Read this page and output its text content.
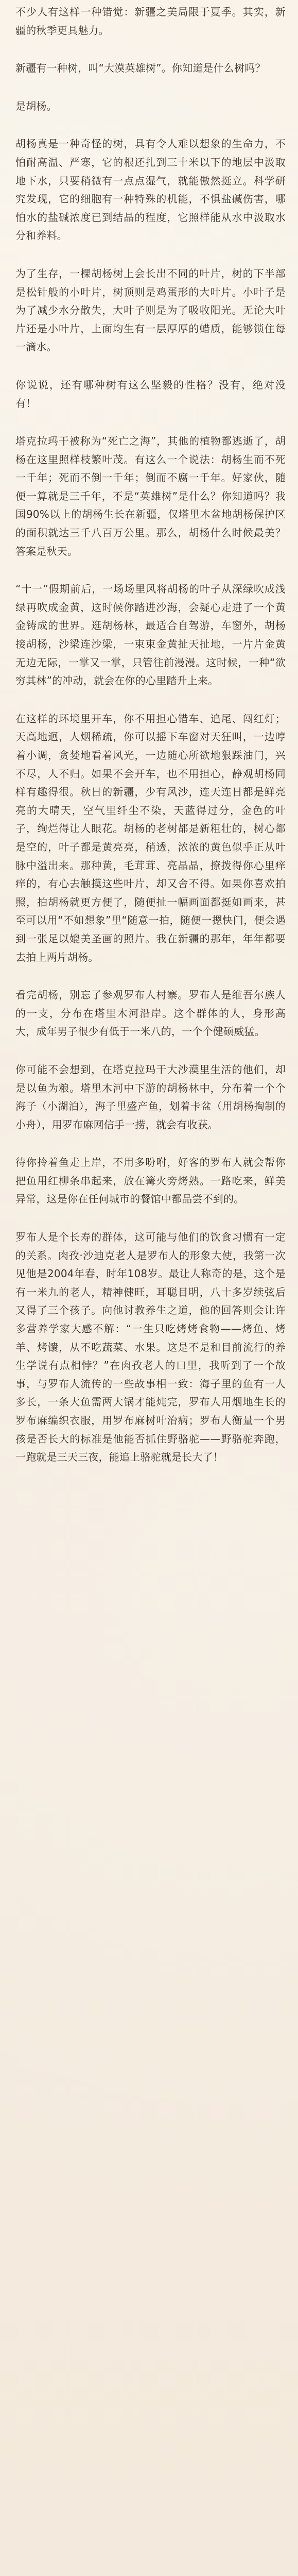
不少人有这样一种错觉：新疆之美局限于夏季。其实，新疆的秋季更具魅力。

新疆有一种树，叫“大漠英雄树”。你知道是什么树吗？

是胡杨。

胡杨真是一种奇怪的树，具有令人难以想象的生命力，不怕耐高温、严寒，它的根还扎到三十米以下的地层中汲取地下水，只要稍微有一点点湿气，就能傲然挺立。科学研究发现，它的细胞有一种特殊的机能，不惧盐碱伤害，哪怕水的盐碱浓度已到结晶的程度，它照样能从水中汲取水分和养料。

为了生存，一棵胡杨树上会长出不同的叶片，树的下半部是松针般的小叶片，树顶则是鸡蛋形的大叶片。小叶子是为了减少水分散失，大叶子则是为了吸收阳光。无论大叶片还是小叶片，上面均生有一层厚厚的蜡质，能够锁住每一滴水。

你说说，还有哪种树有这么坚毅的性格？没有，绝对没有！

塔克拉玛干被称为“死亡之海”，其他的植物都逃逝了，胡杨在这里照样枝繁叶茂。有这么一个说法：胡杨生而不死一千年；死而不倒一千年；倒而不腐一千年。好家伙，随便一算就是三千年，不是“英雄树”是什么？你知道吗？我国90%以上的胡杨生长在新疆，仅塔里木盆地胡杨保护区的面积就达三千八百万公里。那么，胡杨什么时候最美？答案是秋天。

“十一”假期前后，一场场里风将胡杨的叶子从深绿吹成浅绿再吹成金黄，这时候你踏进沙海，会疑心走进了一个黄金铸成的世界。逛胡杨林，最适合自驾游，车窗外，胡杨接胡杨，沙梁连沙梁，一束束金黄扯天扯地，一片片金黄无边无际，一掌又一掌，只管往前漫漫。这时候，一种“欲穷其林”的冲动，就会在你的心里踏升上来。

在这样的环境里开车，你不用担心错车、追尾、闯红灯；天高地迥，人烟稀疏，你可以摇下车窗对天狂叫，一边哼着小调，贪婪地看着风光，一边随心所欲地狠踩油门，兴不尽，人不归。如果不会开车，也不用担心，静观胡杨同样有趣得很。秋日的新疆，少有风沙，连天连日都是鲜亮亮的大晴天，空气里纤尘不染，天蓝得过分，金色的叶子，绚烂得让人眼花。胡杨的老树都是新粗壮的，树心都是空的，叶子都是黄亮亮，稍透，浓浓的黄色似乎正从叶脉中溢出来。那种黄，毛茸茸、亮晶晶，撩拨得你心里痒痒的，有心去触摸这些叶片，却又舍不得。如果你喜欢拍照，拍胡杨就更方便了，随便扯一幅画面都挺如画来，甚至可以用“不如想象”里“随意一拍，随便一摁快门，便会遇到一张足以媲美圣画的照片。我在新疆的那年，年年都要去拍上两片胡杨。

看完胡杨，别忘了参观罗布人村寨。罗布人是维吾尔族人的一支，分布在塔里木河沿岸。这个群体的人，身形高大，成年男子很少有低于一米八的，一个个健硕威猛。

你可能不会想到，在塔克拉玛干大沙漠里生活的他们，却是以鱼为粮。塔里木河中下游的胡杨林中，分布着一个个海子（小湖泊），海子里盛产鱼，划着卡盆（用胡杨掏制的小舟），用罗布麻网信手一捞，就会有收获。

待你拎着鱼走上岸，不用多吩咐，好客的罗布人就会帮你把鱼用红柳条串起来，放在篝火旁烤熟。一路吃来，鲜美异常，这是你在任何城市的餐馆中都品尝不到的。

罗布人是个长寿的群体，这可能与他们的饮食习惯有一定的关系。肉孜·沙迪克老人是罗布人的形象大使，我第一次见他是2004年春，时年108岁。最让人称奇的是，这个是有一米九的老人，精神健旺，耳聪目明，八十多岁续弦后又得了三个孩子。向他讨教养生之道，他的回答则会让许多营养学家大感不解：“一生只吃烤烤食物——烤鱼、烤羊、烤馕，从不吃蔬菜、水果。这是不是和目前流行的养生学说有点相悖？”在肉孜老人的口里，我听到了一个故事，与罗布人流传的一些故事相一致：海子里的鱼有一人多长，一条大鱼需两大锅才能炖完，罗布人用烟地生长的罗布麻编织衣服，用罗布麻树叶治病；罗布人衡量一个男孩是否长大的标准是他能否抓住野骆驼——野骆驼奔跑，一跑就是三天三夜，能追上骆驼就是长大了！
